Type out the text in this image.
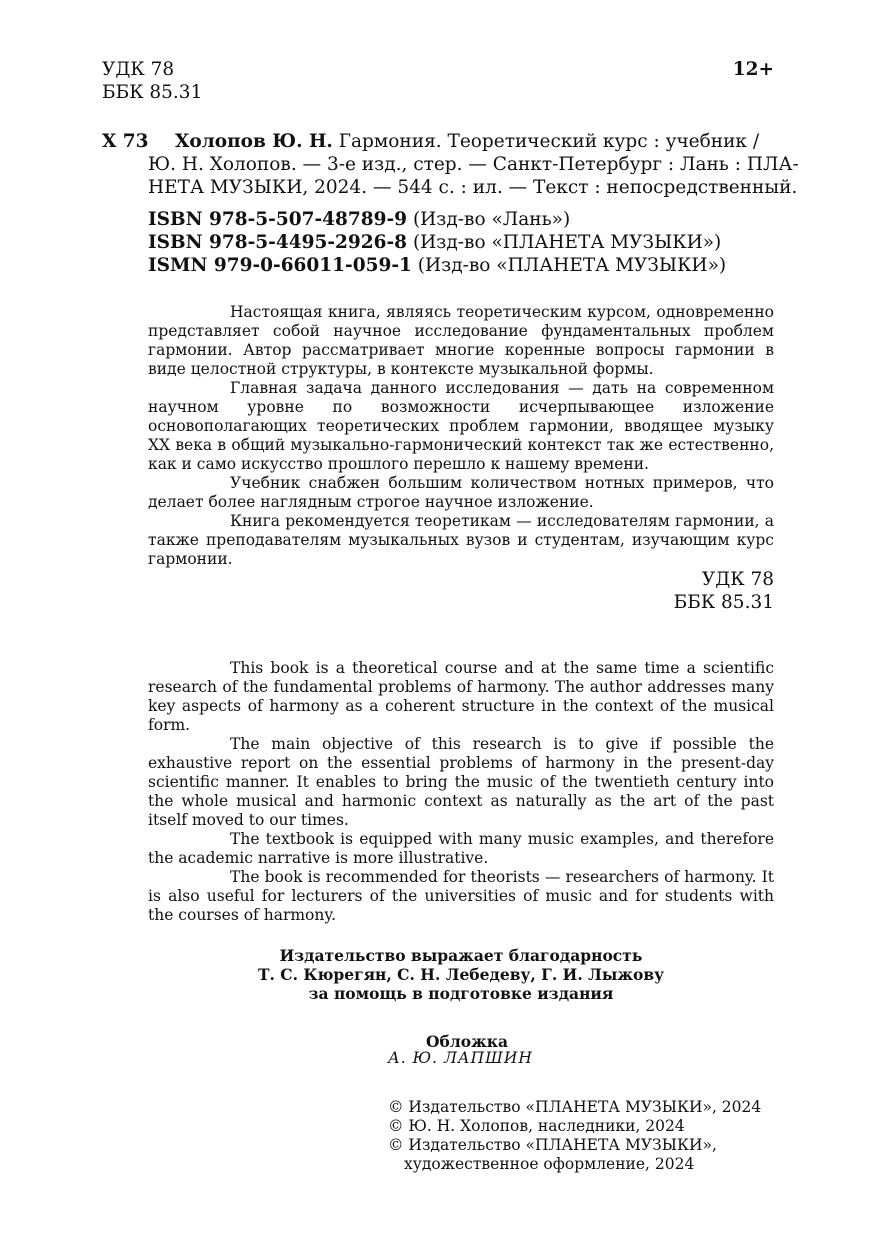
УДК 78
ББК 85.31
12+
Х 73 Холопов Ю. Н. Гармония. Теоретический курс : учебник /
Ю. Н. Холопов. — 3-е изд., стер. — Санкт-Петербург : Лань : ПЛА-
НЕТА МУЗЫКИ, 2024. — 544 с. : ил. — Текст : непосредственный.
ISBN 978-5-507-48789-9 (Изд-во «Лань»)
ISBN 978-5-4495-2926-8 (Изд-во «ПЛАНЕТА МУЗЫКИ»)
ISMN 979-0-66011-059-1 (Изд-во «ПЛАНЕТА МУЗЫКИ»)

Настоящая книга, являясь теоретическим курсом, одновременно представляет собой научное исследование фундаментальных проблем гармонии. Автор рассматривает многие коренные вопросы гармонии в виде целостной структуры, в контексте музыкальной формы.

Главная задача данного исследования — дать на современном научном уровне по возможности исчерпывающее изложение основополагающих теоретических проблем гармонии, вводящее музыку XX века в общий музыкально-гармонический контекст так же естественно, как и само искусство прошлого перешло к нашему времени.

Учебник снабжен большим количеством нотных примеров, что делает более наглядным строгое научное изложение.

Книга рекомендуется теоретикам — исследователям гармонии, а также преподавателям музыкальных вузов и студентам, изучающим курс гармонии.

УДК 78
ББК 85.31

This book is a theoretical course and at the same time a scientific research of the fundamental problems of harmony. The author addresses many key aspects of harmony as a coherent structure in the context of the musical form.

The main objective of this research is to give if possible the exhaustive report on the essential problems of harmony in the present-day scientific manner. It enables to bring the music of the twentieth century into the whole musical and harmonic context as naturally as the art of the past itself moved to our times.

The textbook is equipped with many music examples, and therefore the academic narrative is more illustrative.

The book is recommended for theorists — researchers of harmony. It is also useful for lecturers of the universities of music and for students with the courses of harmony.

Издательство выражает благодарность
Т. С. Кюрегян, С. Н. Лебедеву, Г. И. Лыжову
за помощь в подготовке издания
Обложка
А. Ю. ЛАПШИН
© Издательство «ПЛАНЕТА МУЗЫКИ», 2024
© Ю. Н. Холопов, наследники, 2024
© Издательство «ПЛАНЕТА МУЗЫКИ»,
художественное оформление, 2024
